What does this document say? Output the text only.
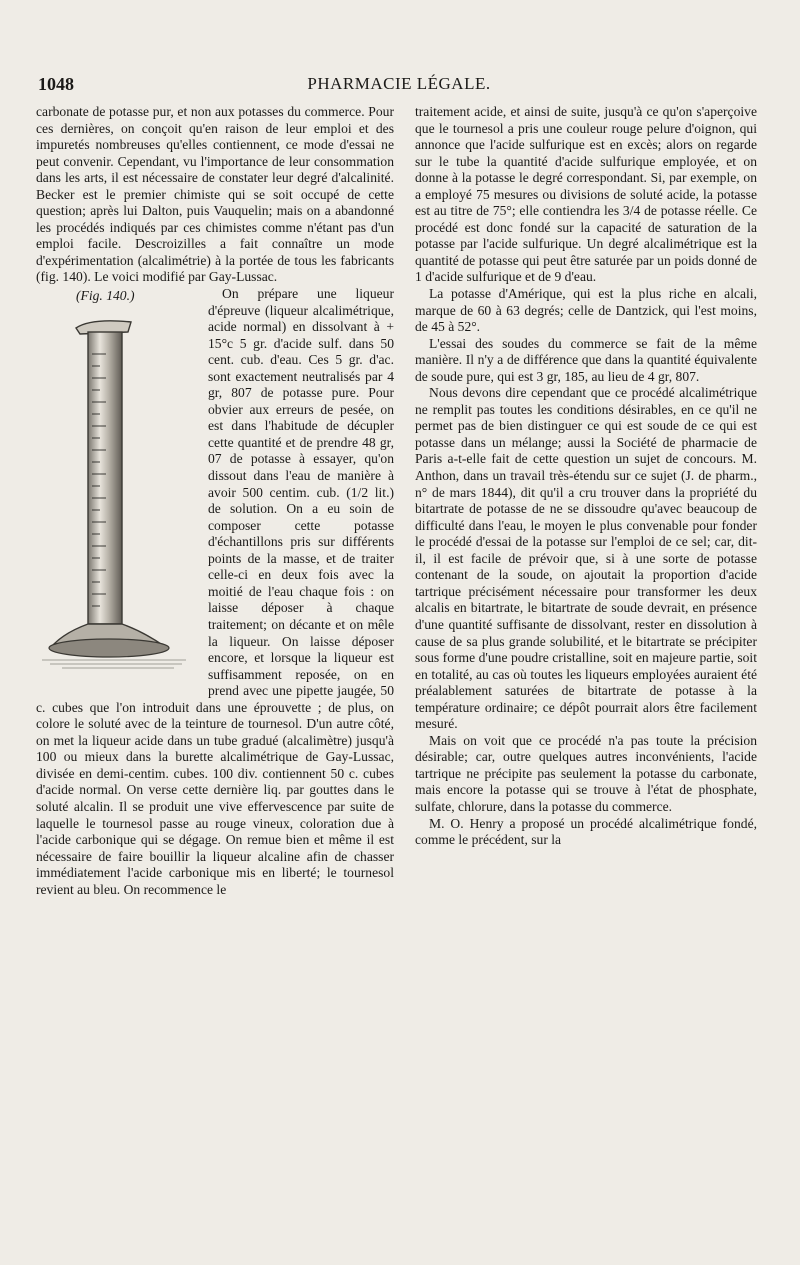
1048	PHARMACIE LÉGALE.

carbonate de potasse pur, et non aux potasses du commerce. Pour ces dernières, on conçoit qu'en raison de leur emploi et des impuretés nombreuses qu'elles contiennent, ce mode d'essai ne peut convenir. Cependant, vu l'importance de leur consommation dans les arts, il est nécessaire de constater leur degré d'alcalinité. Becker est le premier chimiste qui se soit occupé de cette question; après lui Dalton, puis Vauquelin; mais on a abandonné les procédés indiqués par ces chimistes comme n'étant pas d'un emploi facile. Descroizilles a fait connaître un mode d'expérimentation (alcalimétrie) à la portée de tous les fabricants (fig. 140). Le voici modifié par Gay-Lussac.

(Fig. 140.)	On prépare une liqueur d'épreuve (liqueur alcalimétrique, acide normal) en dissolvant à + 15°c 5 gr. d'acide sulf. dans 50 cent. cub. d'eau. Ces 5 gr. d'ac. sont exactement neutralisés par 4 gr, 807 de potasse pure. Pour obvier aux erreurs de pesée, on est dans l'habitude de décupler cette quantité et de prendre 48 gr, 07 de potasse à essayer, qu'on dissout dans l'eau de manière à avoir 500 centim. cub. (1/2 lit.) de solution. On a eu soin de composer cette potasse d'échantillons pris sur différents points de la masse, et de traiter celle-ci en deux fois avec la moitié de l'eau chaque fois : on laisse déposer à chaque traitement; on décante et on mêle la liqueur. On laisse déposer encore, et lorsque la liqueur est suffisamment reposée, on en prend avec une pipette jaugée, 50 c. cubes que l'on introduit dans une éprouvette ; de plus, on colore le soluté avec de la teinture de tournesol. D'un autre côté, on met la liqueur acide dans un tube gradué (alcalimètre) jusqu'à 100 ou mieux dans la burette alcalimétrique de Gay-Lussac, divisée en demi-centim. cubes. 100 div. contiennent 50 c. cubes d'acide normal. On verse cette dernière liq. par gouttes dans le soluté alcalin. Il se produit une vive effervescence par suite de laquelle le tournesol passe au rouge vineux, coloration due à l'acide carbonique qui se dégage. On remue bien et même il est nécessaire de faire bouillir la liqueur alcaline afin de chasser immédiatement l'acide carbonique mis en liberté; le tournesol revient au bleu. On recommence le

traitement acide, et ainsi de suite, jusqu'à ce qu'on s'aperçoive que le tournesol a pris une couleur rouge pelure d'oignon, qui annonce que l'acide sulfurique est en excès; alors on regarde sur le tube la quantité d'acide sulfurique employée, et on donne à la potasse le degré correspondant. Si, par exemple, on a employé 75 mesures ou divisions de soluté acide, la potasse est au titre de 75°; elle contiendra les 3/4 de potasse réelle. Ce procédé est donc fondé sur la capacité de saturation de la potasse par l'acide sulfurique. Un degré alcalimétrique est la quantité de potasse qui peut être saturée par un poids donné de 1 d'acide sulfurique et de 9 d'eau.

La potasse d'Amérique, qui est la plus riche en alcali, marque de 60 à 63 degrés; celle de Dantzick, qui l'est moins, de 45 à 52°.

L'essai des soudes du commerce se fait de la même manière. Il n'y a de différence que dans la quantité équivalente de soude pure, qui est 3 gr, 185, au lieu de 4 gr, 807.

Nous devons dire cependant que ce procédé alcalimétrique ne remplit pas toutes les conditions désirables, en ce qu'il ne permet pas de bien distinguer ce qui est soude de ce qui est potasse dans un mélange; aussi la Société de pharmacie de Paris a-t-elle fait de cette question un sujet de concours. M. Anthon, dans un travail très-étendu sur ce sujet (J. de pharm., n° de mars 1844), dit qu'il a cru trouver dans la propriété du bitartrate de potasse de ne se dissoudre qu'avec beaucoup de difficulté dans l'eau, le moyen le plus convenable pour fonder le procédé d'essai de la potasse sur l'emploi de ce sel; car, dit-il, il est facile de prévoir que, si à une sorte de potasse contenant de la soude, on ajoutait la proportion d'acide tartrique précisément nécessaire pour transformer les deux alcalis en bitartrate, le bitartrate de soude devrait, en présence d'une quantité suffisante de dissolvant, rester en dissolution à cause de sa plus grande solubilité, et le bitartrate se précipiter sous forme d'une poudre cristalline, soit en majeure partie, soit en totalité, au cas où toutes les liqueurs employées auraient été préalablement saturées de bitartrate de potasse à la température ordinaire; ce dépôt pourrait alors être facilement mesuré.

Mais on voit que ce procédé n'a pas toute la précision désirable; car, outre quelques autres inconvénients, l'acide tartrique ne précipite pas seulement la potasse du carbonate, mais encore la potasse qui se trouve à l'état de phosphate, sulfate, chlorure, dans la potasse du commerce.

M. O. Henry a proposé un procédé alcalimétrique fondé, comme le précédent, sur la
